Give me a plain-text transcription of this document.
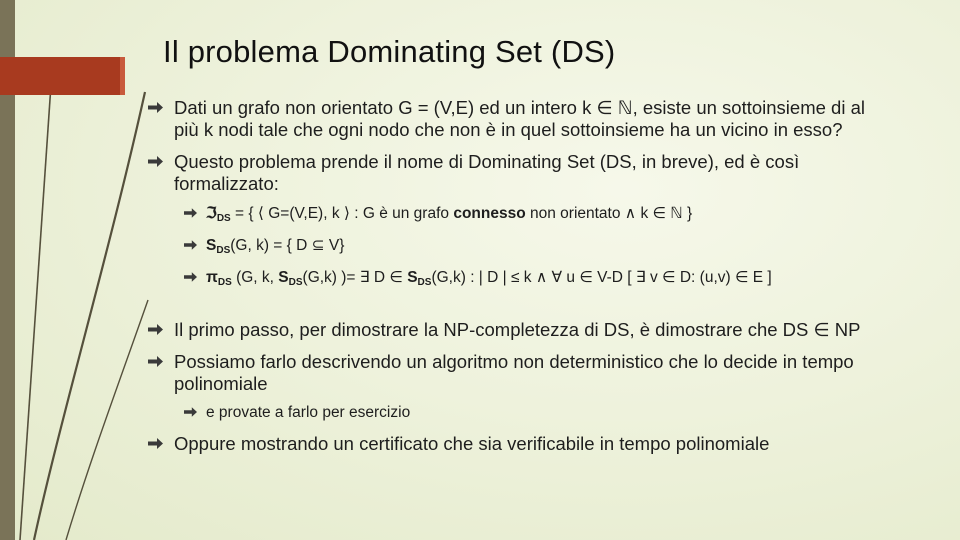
Il problema Dominating Set (DS)
Dati un grafo non orientato G = (V,E) ed un intero k ∈ ℕ, esiste un sottoinsieme di al più k nodi tale che ogni nodo che non è in quel sottoinsieme ha un vicino in esso?
Questo problema prende il nome di Dominating Set (DS, in breve), ed è così formalizzato:
ℑ$_{DS}$ = { ⟨ G=(V,E), k ⟩ : G è un grafo connesso non orientato ∧ k ∈ ℕ }
$S_{DS}(G$, k) = { D ⊆ V}
$\pi_{DS}$ (G, k, $S_{DS}(G,k)$ )= ∃ D ∈ $S_{DS}(G,k)$ : | D | ≤ k ∧ ∀ u ∈ V-D [ ∃ v ∈ D: (u,v) ∈ E ]
Il primo passo, per dimostrare la NP-completezza di DS, è dimostrare che DS ∈ NP
Possiamo farlo descrivendo un algoritmo non deterministico che lo decide in tempo polinomiale
e provate a farlo per esercizio
Oppure mostrando un certificato che sia verificabile in tempo polinomiale
